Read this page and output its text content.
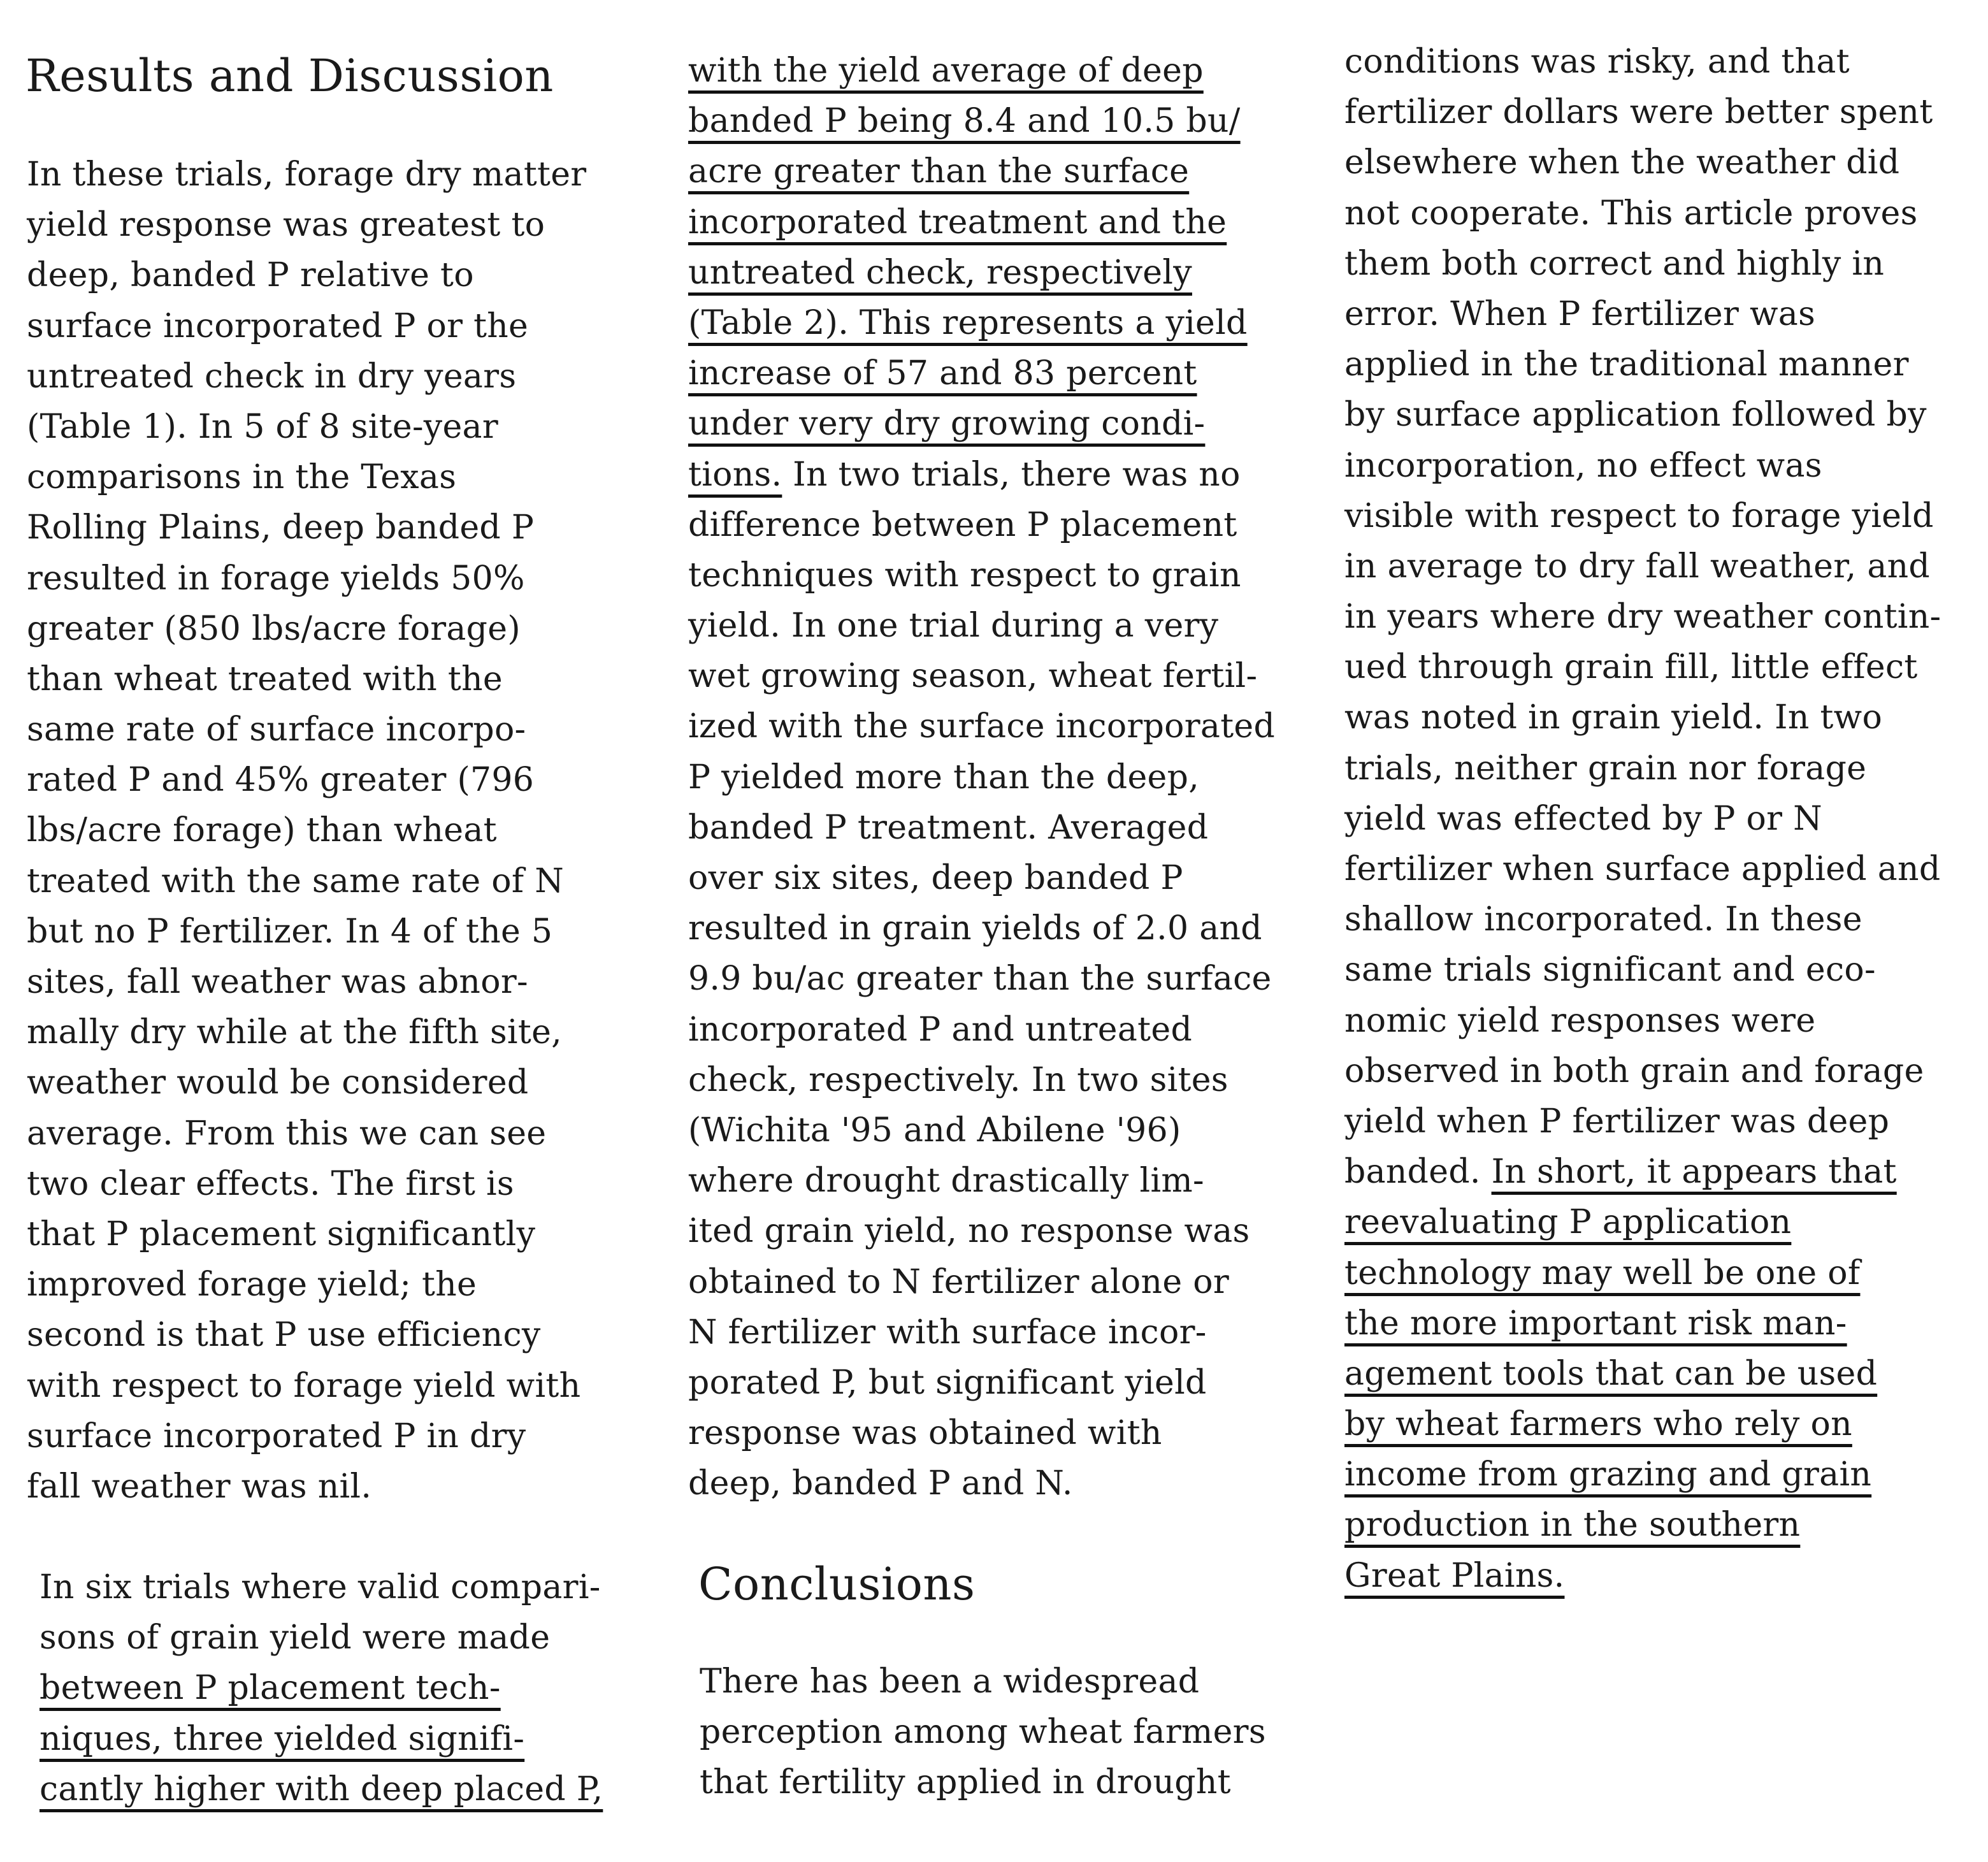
Results and Discussion
In these trials, forage dry matter
yield response was greatest to
deep, banded P relative to
surface incorporated P or the
untreated check in dry years
(Table 1). In 5 of 8 site-year
comparisons in the Texas
Rolling Plains, deep banded P
resulted in forage yields 50%
greater (850 lbs/acre forage)
than wheat treated with the
same rate of surface incorpo-
rated P and 45% greater (796
lbs/acre forage) than wheat
treated with the same rate of N
but no P fertilizer. In 4 of the 5
sites, fall weather was abnor-
mally dry while at the fifth site,
weather would be considered
average. From this we can see
two clear effects. The first is
that P placement significantly
improved forage yield; the
second is that P use efficiency
with respect to forage yield with
surface incorporated P in dry
fall weather was nil.
In six trials where valid compari-
sons of grain yield were made
between P placement tech-
niques, three yielded signifi-
cantly higher with deep placed P,
with the yield average of deep
banded P being 8.4 and 10.5 bu/
acre greater than the surface
incorporated treatment and the
untreated check, respectively
(Table 2). This represents a yield
increase of 57 and 83 percent
under very dry growing condi-
tions. In two trials, there was no
difference between P placement
techniques with respect to grain
yield. In one trial during a very
wet growing season, wheat fertil-
ized with the surface incorporated
P yielded more than the deep,
banded P treatment. Averaged
over six sites, deep banded P
resulted in grain yields of 2.0 and
9.9 bu/ac greater than the surface
incorporated P and untreated
check, respectively. In two sites
(Wichita '95 and Abilene '96)
where drought drastically lim-
ited grain yield, no response was
obtained to N fertilizer alone or
N fertilizer with surface incor-
porated P, but significant yield
response was obtained with
deep, banded P and N.
Conclusions
There has been a widespread
perception among wheat farmers
that fertility applied in drought
conditions was risky, and that
fertilizer dollars were better spent
elsewhere when the weather did
not cooperate. This article proves
them both correct and highly in
error. When P fertilizer was
applied in the traditional manner
by surface application followed by
incorporation, no effect was
visible with respect to forage yield
in average to dry fall weather, and
in years where dry weather contin-
ued through grain fill, little effect
was noted in grain yield. In two
trials, neither grain nor forage
yield was effected by P or N
fertilizer when surface applied and
shallow incorporated. In these
same trials significant and eco-
nomic yield responses were
observed in both grain and forage
yield when P fertilizer was deep
banded. In short, it appears that
reevaluating P application
technology may well be one of
the more important risk man-
agement tools that can be used
by wheat farmers who rely on
income from grazing and grain
production in the southern
Great Plains.
